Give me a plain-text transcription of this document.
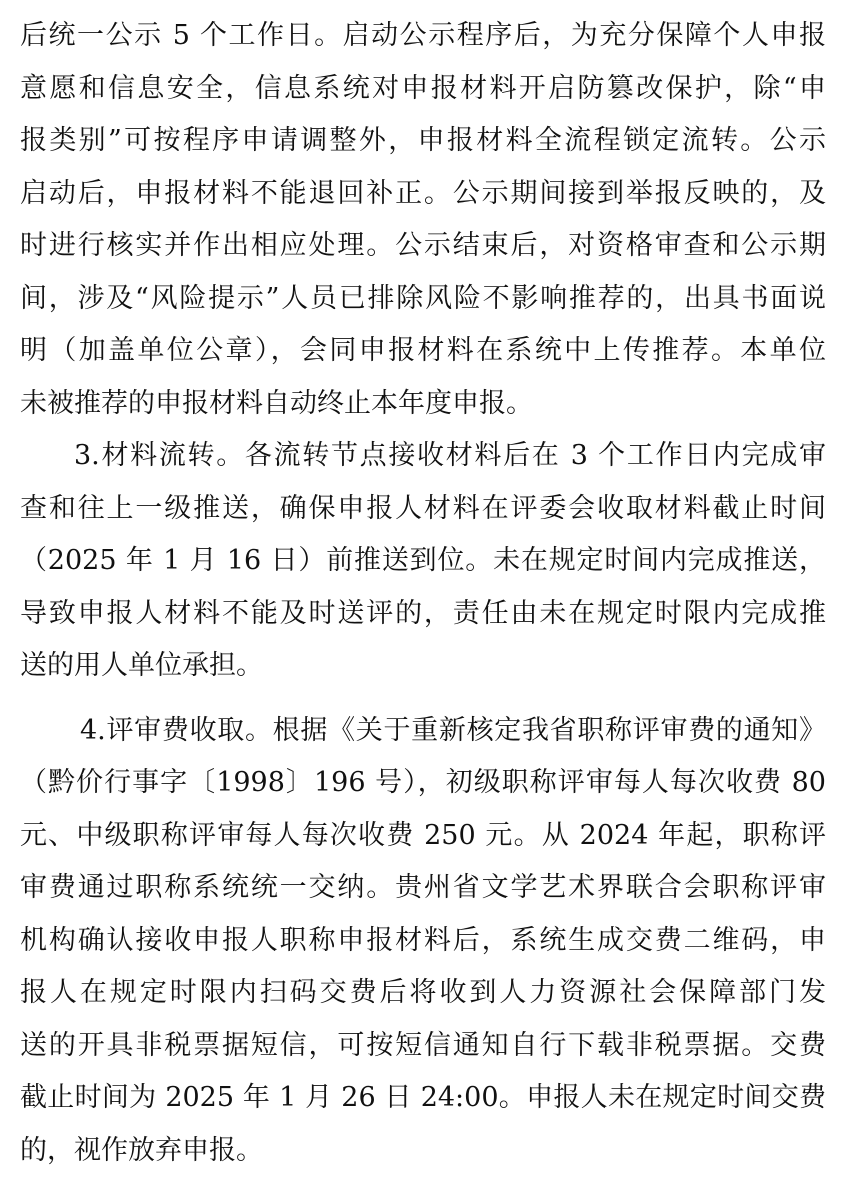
后统一公示 5 个工作日。启动公示程序后，为充分保障个人申报
意愿和信息安全，信息系统对申报材料开启防篡改保护，除“申
报类别”可按程序申请调整外，申报材料全流程锁定流转。公示
启动后，申报材料不能退回补正。公示期间接到举报反映的，及
时进行核实并作出相应处理。公示结束后，对资格审查和公示期
间，涉及“风险提示”人员已排除风险不影响推荐的，出具书面说
明（加盖单位公章），会同申报材料在系统中上传推荐。本单位
未被推荐的申报材料自动终止本年度申报。
3.材料流转。各流转节点接收材料后在 3 个工作日内完成审
查和往上一级推送，确保申报人材料在评委会收取材料截止时间
（2025 年 1 月 16 日）前推送到位。未在规定时间内完成推送，
导致申报人材料不能及时送评的，责任由未在规定时限内完成推
送的用人单位承担。
4.评审费收取。根据《关于重新核定我省职称评审费的通知》
（黔价行事字〔1998〕196 号），初级职称评审每人每次收费 80
元、中级职称评审每人每次收费 250 元。从 2024 年起，职称评
审费通过职称系统统一交纳。贵州省文学艺术界联合会职称评审
机构确认接收申报人职称申报材料后，系统生成交费二维码，申
报人在规定时限内扫码交费后将收到人力资源社会保障部门发
送的开具非税票据短信，可按短信通知自行下载非税票据。交费
截止时间为 2025 年 1 月 26 日 24:00。申报人未在规定时间交费
的，视作放弃申报。
